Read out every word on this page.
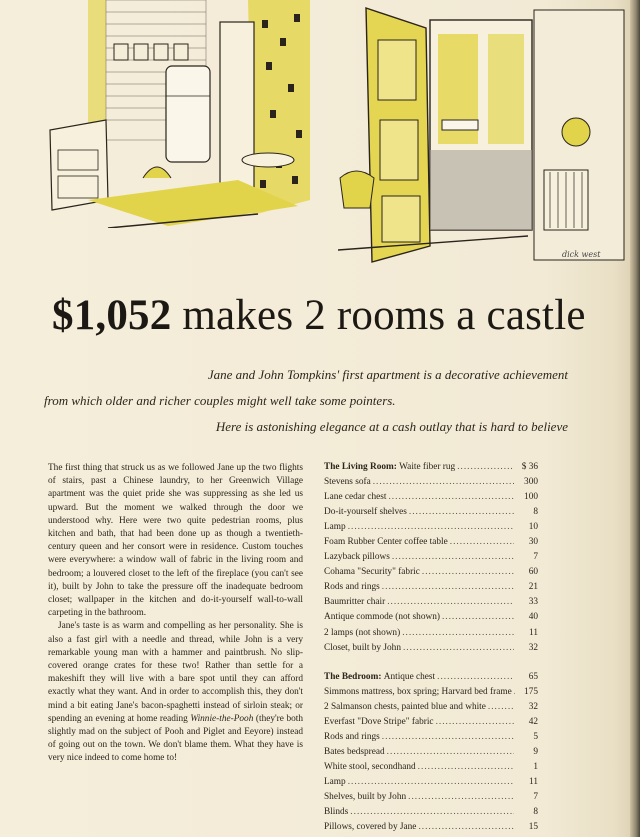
dick west
$1,052 makes 2 rooms a castle
Jane and John Tompkins' first apartment is a decorative achievement
from which older and richer couples might well take some pointers.
Here is astonishing elegance at a cash outlay that is hard to believe

The first thing that struck us as we followed Jane up the two flights of stairs, past a Chinese laundry, to her Greenwich Village apartment was the quiet pride she was suppressing as she led us upward. But the moment we walked through the door we understood why. Here were two quite pedestrian rooms, plus kitchen and bath, that had been done up as though a twentieth-century queen and her consort were in residence. Custom touches were everywhere: a window wall of fabric in the living room and bedroom; a louvered closet to the left of the fireplace (you can't see it), built by John to take the pressure off the inadequate bedroom closet; wallpaper in the kitchen and do-it-yourself wall-to-wall carpeting in the bathroom.

Jane's taste is as warm and compelling as her personality. She is also a fast girl with a needle and thread, while John is a very remarkable young man with a hammer and paintbrush. No slip-covered orange crates for these two! Rather than settle for a makeshift they will live with a bare spot until they can afford exactly what they want. And in order to accomplish this, they don't mind a bit eating Jane's bacon-spaghetti instead of sirloin steak; or spending an evening at home reading Winnie-the-Pooh (they're both slightly mad on the subject of Pooh and Piglet and Eeyore) instead of going out on the town. We don't blame them. What they have is very nice indeed to come home to!

The Living Room: Waite fiber rug .....	$ 36
Stevens sofa .....	300
Lane cedar chest .....	100
Do-it-yourself shelves .....	8
Lamp .....	10
Foam Rubber Center coffee table .....	30
Lazyback pillows .....	7
Cohama "Security" fabric .....	60
Rods and rings .....	21
Baumritter chair .....	33
Antique commode (not shown) .....	40
2 lamps (not shown) .....	11
Closet, built by John .....	32
The Bedroom: Antique chest .....	65
Simmons mattress, box spring; Harvard bed frame .....	175
2 Salmanson chests, painted blue and white .....	32
Everfast "Dove Stripe" fabric .....	42
Rods and rings .....	5
Bates bedspread .....	9
White stool, secondhand .....	1
Lamp .....	11
Shelves, built by John .....	7
Blinds .....	8
Pillows, covered by Jane .....	15
